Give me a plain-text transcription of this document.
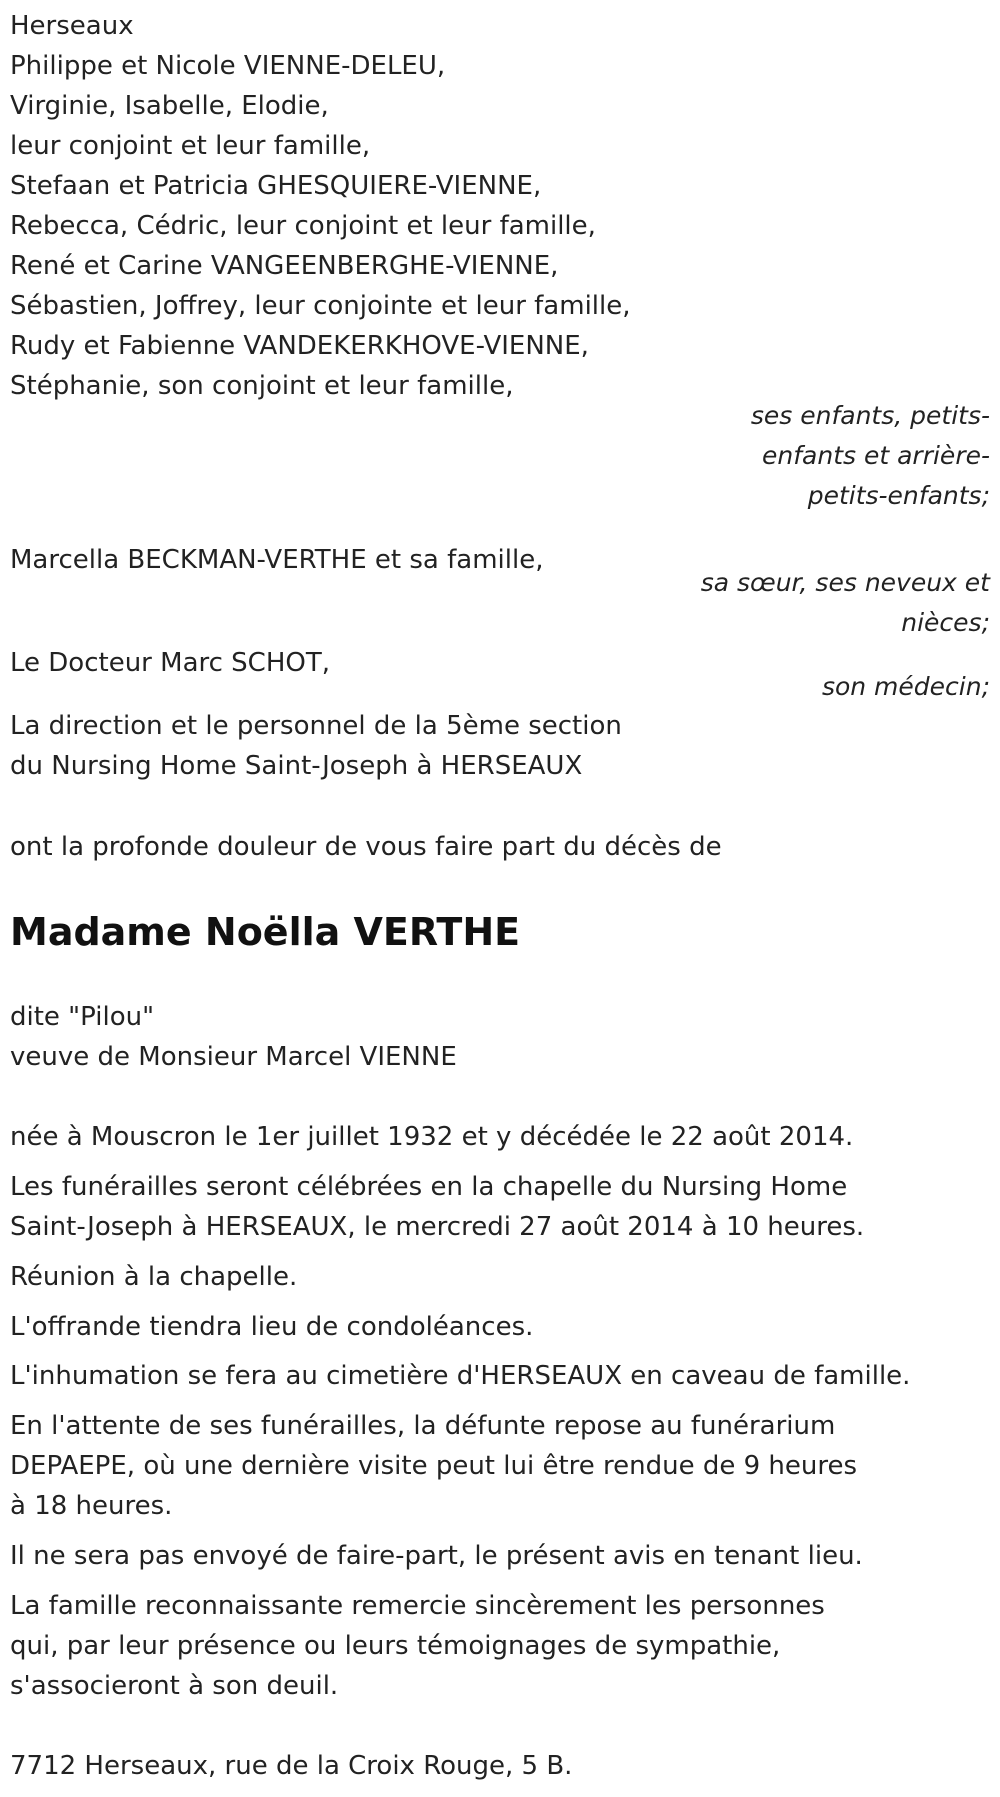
Herseaux
Philippe et Nicole VIENNE-DELEU,
Virginie, Isabelle, Elodie,
leur conjoint et leur famille,
Stefaan et Patricia GHESQUIERE-VIENNE,
Rebecca, Cédric, leur conjoint et leur famille,
René et Carine VANGEENBERGHE-VIENNE,
Sébastien, Joffrey, leur conjointe et leur famille,
Rudy et Fabienne VANDEKERKHOVE-VIENNE,
Stéphanie, son conjoint et leur famille,
ses enfants, petits-enfants et arrière-petits-enfants;
Marcella BECKMAN-VERTHE et sa famille,
sa sœur, ses neveux et nièces;
Le Docteur Marc SCHOT,
son médecin;
La direction et le personnel de la 5ème section
du Nursing Home Saint-Joseph à HERSEAUX
ont la profonde douleur de vous faire part du décès de
Madame Noëlla VERTHE
dite "Pilou"
veuve de Monsieur Marcel VIENNE
née à Mouscron le 1er juillet 1932 et y décédée le 22 août 2014.
Les funérailles seront célébrées en la chapelle du Nursing Home Saint-Joseph à HERSEAUX, le mercredi 27 août 2014 à 10 heures.
Réunion à la chapelle.
L'offrande tiendra lieu de condoléances.
L'inhumation se fera au cimetière d'HERSEAUX en caveau de famille.
En l'attente de ses funérailles, la défunte repose au funérarium DEPAEPE, où une dernière visite peut lui être rendue de 9 heures à 18 heures.
Il ne sera pas envoyé de faire-part, le présent avis en tenant lieu.
La famille reconnaissante remercie sincèrement les personnes qui, par leur présence ou leurs témoignages de sympathie, s'associeront à son deuil.
7712 Herseaux, rue de la Croix Rouge, 5 B.
